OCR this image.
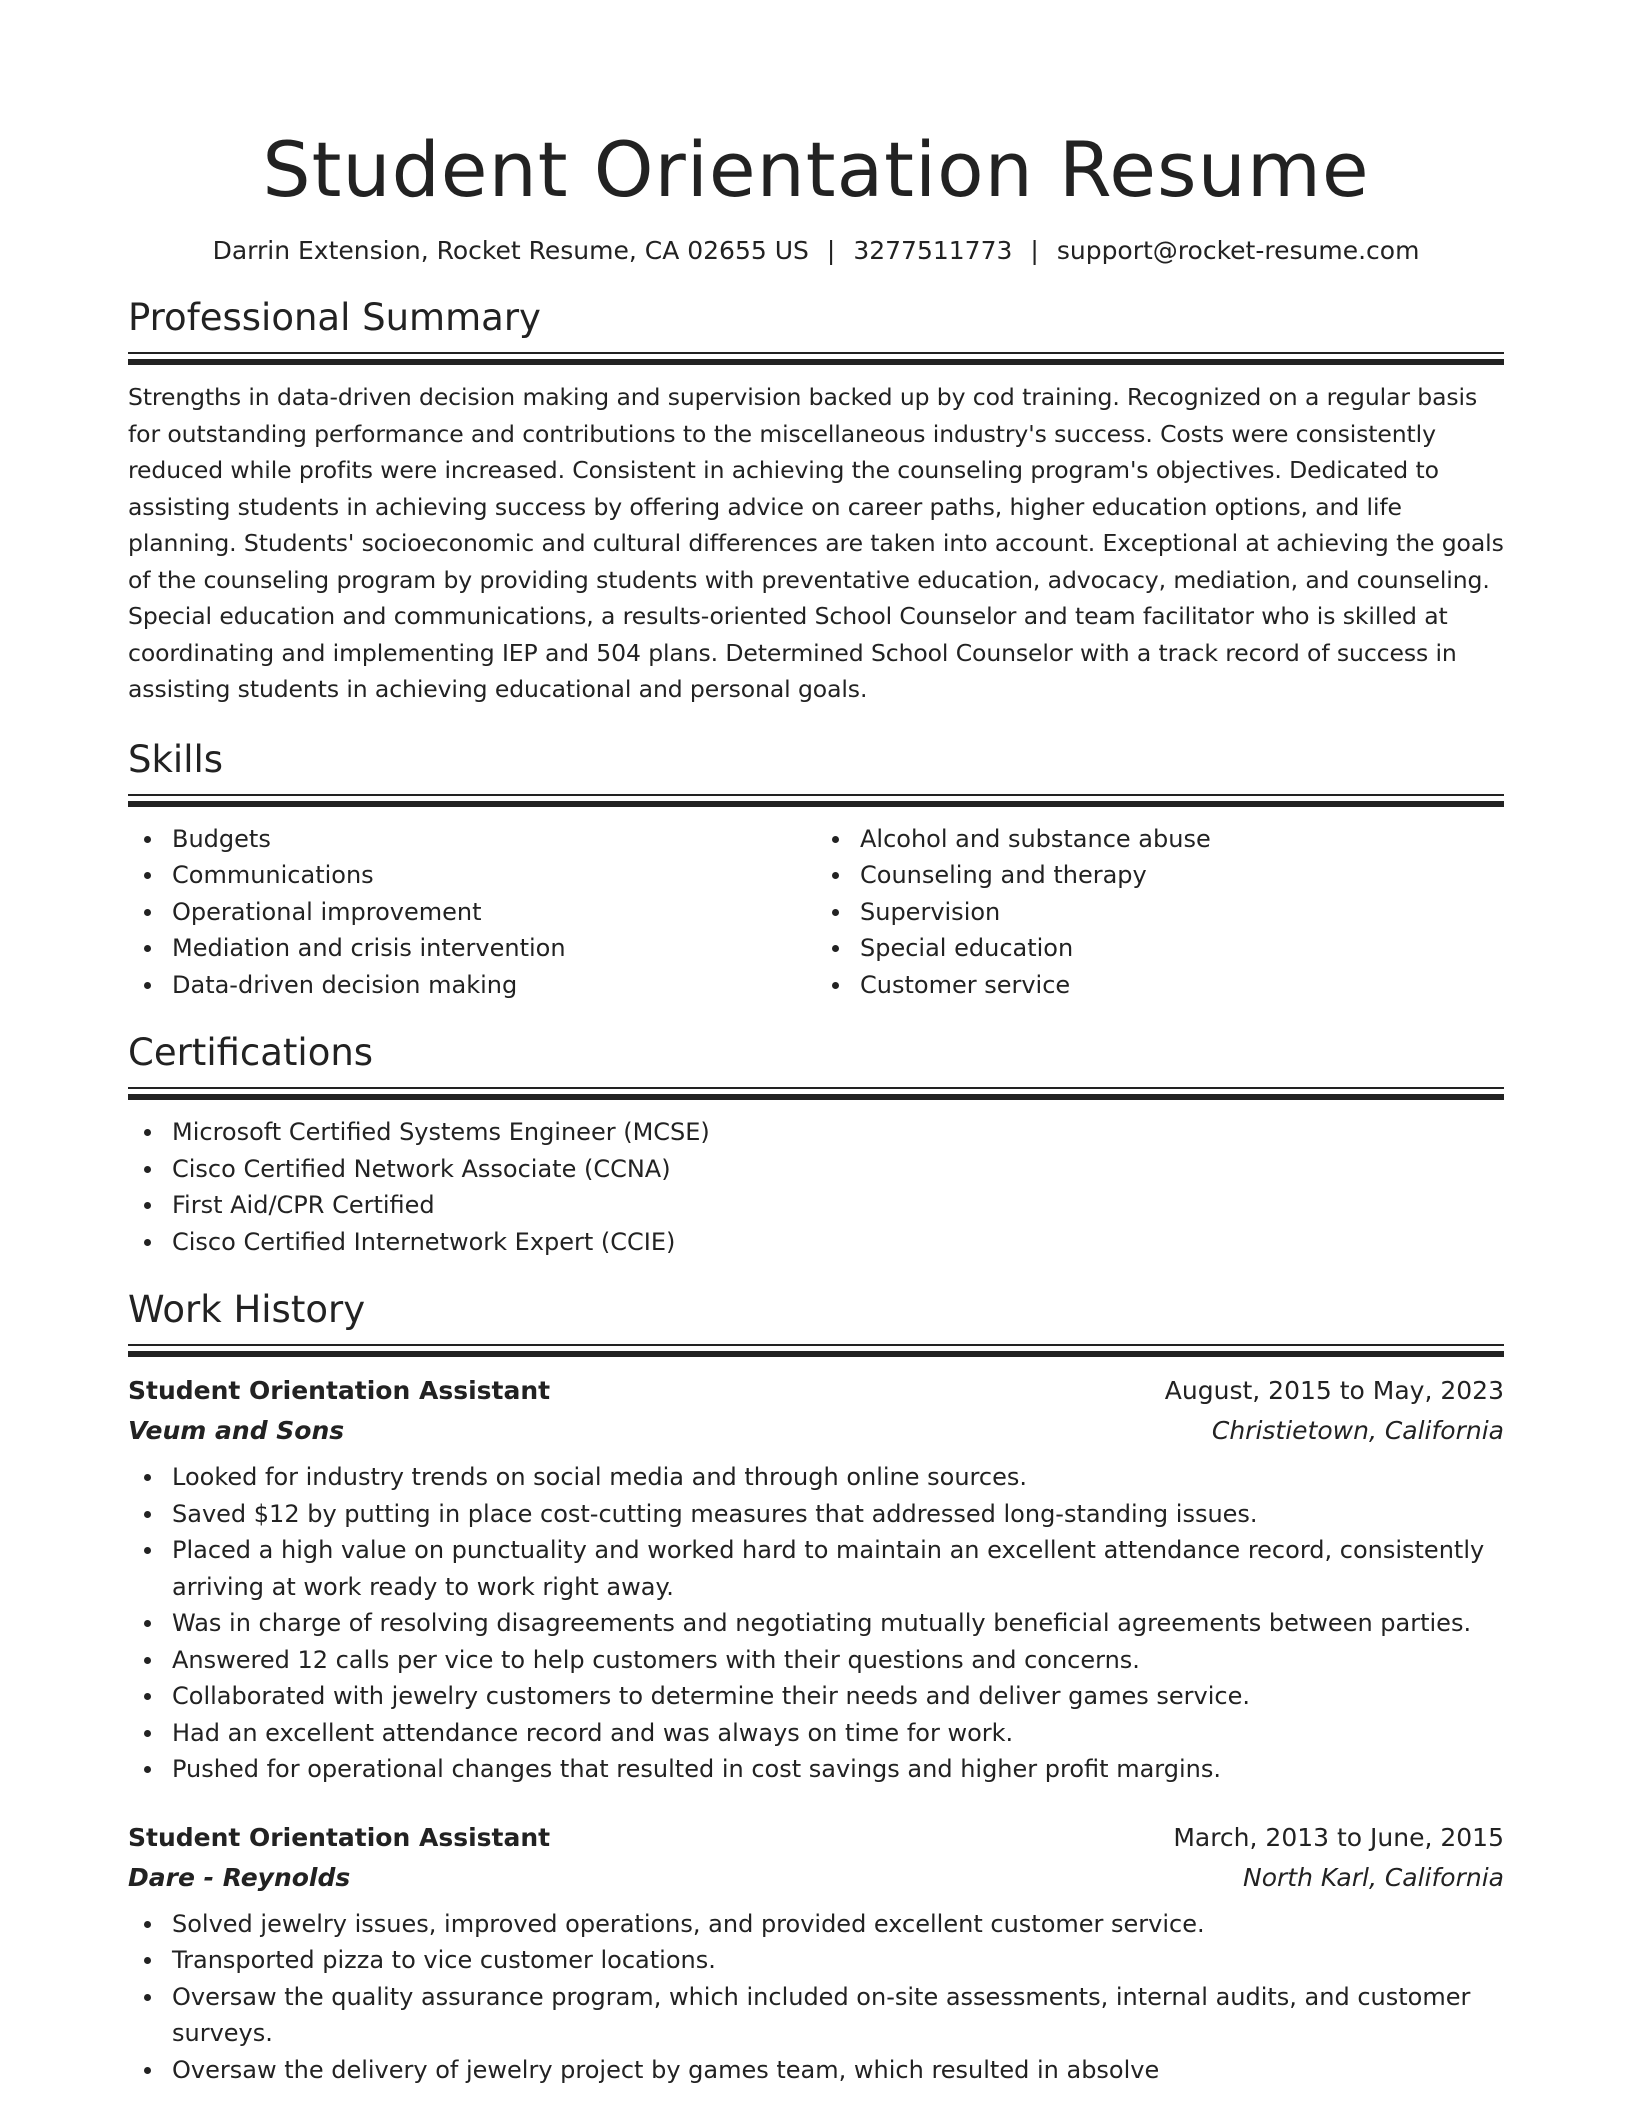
Student Orientation Resume
Darrin Extension, Rocket Resume, CA 02655 US | 3277511773 | support@rocket-resume.com
Professional Summary

Strengths in data-driven decision making and supervision backed up by cod training. Recognized on a regular basis for outstanding performance and contributions to the miscellaneous industry's success. Costs were consistently reduced while profits were increased. Consistent in achieving the counseling program's objectives. Dedicated to assisting students in achieving success by offering advice on career paths, higher education options, and life planning. Students' socioeconomic and cultural differences are taken into account. Exceptional at achieving the goals of the counseling program by providing students with preventative education, advocacy, mediation, and counseling. Special education and communications, a results-oriented School Counselor and team facilitator who is skilled at coordinating and implementing IEP and 504 plans. Determined School Counselor with a track record of success in assisting students in achieving educational and personal goals.

Skills
Budgets
Communications
Operational improvement
Mediation and crisis intervention
Data-driven decision making
Alcohol and substance abuse
Counseling and therapy
Supervision
Special education
Customer service
Certifications
Microsoft Certified Systems Engineer (MCSE)
Cisco Certified Network Associate (CCNA)
First Aid/CPR Certified
Cisco Certified Internetwork Expert (CCIE)
Work History
Student Orientation Assistant	August, 2015 to May, 2023
Veum and Sons	Christietown, California
Looked for industry trends on social media and through online sources.
Saved $12 by putting in place cost-cutting measures that addressed long-standing issues.
Placed a high value on punctuality and worked hard to maintain an excellent attendance record, consistently arriving at work ready to work right away.
Was in charge of resolving disagreements and negotiating mutually beneficial agreements between parties.
Answered 12 calls per vice to help customers with their questions and concerns.
Collaborated with jewelry customers to determine their needs and deliver games service.
Had an excellent attendance record and was always on time for work.
Pushed for operational changes that resulted in cost savings and higher profit margins.
Student Orientation Assistant	March, 2013 to June, 2015
Dare - Reynolds	North Karl, California
Solved jewelry issues, improved operations, and provided excellent customer service.
Transported pizza to vice customer locations.
Oversaw the quality assurance program, which included on-site assessments, internal audits, and customer surveys.
Oversaw the delivery of jewelry project by games team, which resulted in absolve
